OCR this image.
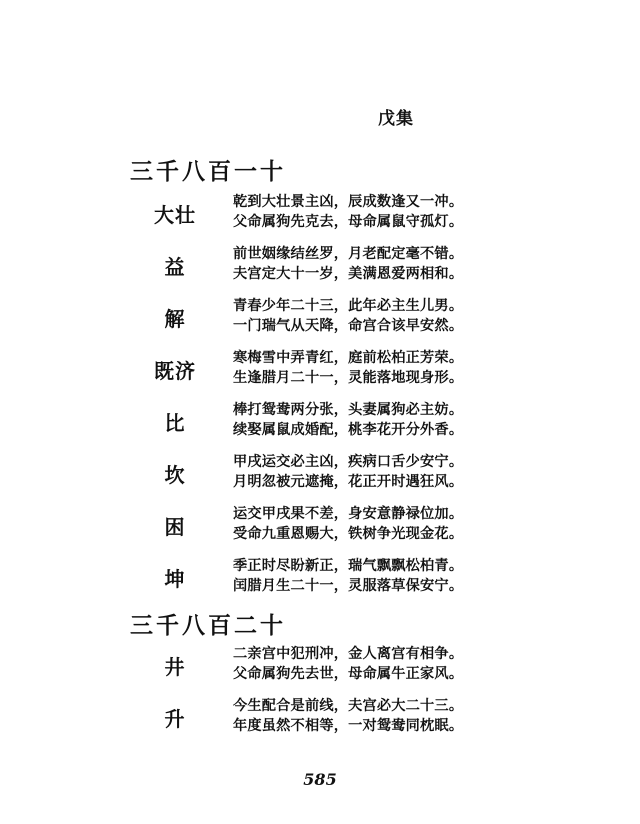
戊集
三千八百一十
大壮
乾到大壮景主凶，辰成数逢又一冲。
父命属狗先克去，母命属鼠守孤灯。
益
前世姻缘结丝罗，月老配定毫不错。
夫宫定大十一岁，美满恩爱两相和。
解
青春少年二十三，此年必主生儿男。
一门瑞气从天降，命宫合该早安然。
既济
寒梅雪中弄青红，庭前松柏正芳荣。
生逢腊月二十一，灵能落地现身形。
比
棒打鸳鸯两分张，头妻属狗必主妨。
续娶属鼠成婚配，桃李花开分外香。
坎
甲戌运交必主凶，疾病口舌少安宁。
月明忽被元遮掩，花正开时遇狂风。
困
运交甲戌果不差，身安意静禄位加。
受命九重恩赐大，铁树争光现金花。
坤
季正时尽盼新正，瑞气飘飘松柏青。
闰腊月生二十一，灵服落草保安宁。
三千八百二十
井
二亲宫中犯刑冲，金人离宫有相争。
父命属狗先去世，母命属牛正家风。
升
今生配合是前线，夫宫必大二十三。
年度虽然不相等，一对鸳鸯同枕眠。
585
